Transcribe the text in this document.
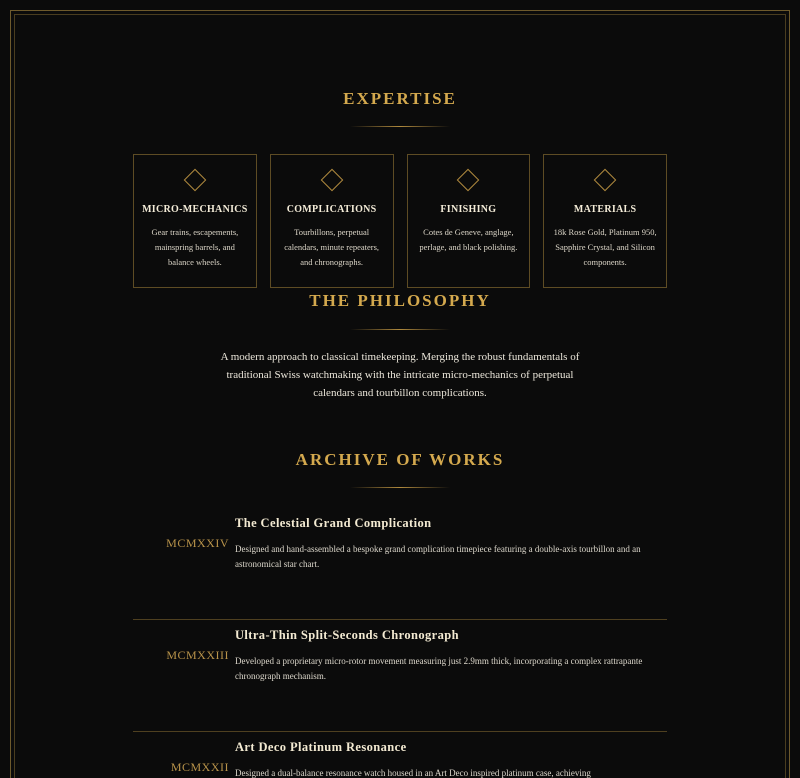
EXPERTISE
MICRO-MECHANICS
Gear trains, escapements, mainspring barrels, and balance wheels.
COMPLICATIONS
Tourbillons, perpetual calendars, minute repeaters, and chronographs.
FINISHING
Cotes de Geneve, anglage, perlage, and black polishing.
MATERIALS
18k Rose Gold, Platinum 950, Sapphire Crystal, and Silicon components.
THE PHILOSOPHY
A modern approach to classical timekeeping. Merging the robust fundamentals of traditional Swiss watchmaking with the intricate micro-mechanics of perpetual calendars and tourbillon complications.
ARCHIVE OF WORKS
MCMXXIV
The Celestial Grand Complication
Designed and hand-assembled a bespoke grand complication timepiece featuring a double-axis tourbillon and an astronomical star chart.
MCMXXIII
Ultra-Thin Split-Seconds Chronograph
Developed a proprietary micro-rotor movement measuring just 2.9mm thick, incorporating a complex rattrapante chronograph mechanism.
MCMXXII
Art Deco Platinum Resonance
Designed a dual-balance resonance watch housed in an Art Deco inspired platinum case, achieving
